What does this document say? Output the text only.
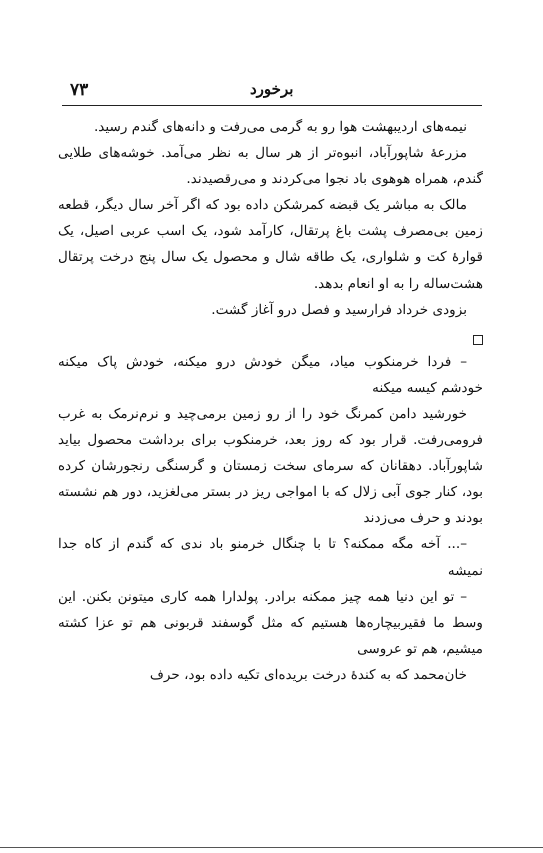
۷۳	برخورد

نیمه‌های اردیبهشت هوا رو به گرمی می‌رفت و دانه‌های گندم رسید.

مزرعهٔ شاپورآباد، انبوه‌تر از هر سال به نظر می‌آمد. خوشه‌های طلایی گندم، همراه هوهوی باد نجوا می‌کردند و می‌رقصیدند.

مالک به مباشر یک قبضه کمرشکن داده بود که اگر آخر سال دیگر، قطعه زمین بی‌مصرف پشت باغ پرتقال، کارآمد شود، یک اسب عربی اصیل، یک قوارهٔ کت و شلواری، یک طاقه شال و محصول یک سال پنج درخت پرتقال هشت‌ساله را به او انعام بدهد.

بزودی خرداد فرارسید و فصل درو آغاز گشت.

– فردا خرمنکوب میاد، میگن خودش درو میکنه، خودش پاک میکنه خودشم کیسه میکنه

خورشید دامن کمرنگ خود را از رو زمین برمی‌چید و نرم‌نرمک به غرب فرومی‌رفت. قرار بود که روز بعد، خرمنکوب برای برداشت محصول بیاید شاپورآباد. دهقانان که سرمای سخت زمستان و گرسنگی رنجورشان کرده بود، کنار جوی آبی زلال که با امواجی ریز در بستر می‌لغزید، دور هم نشسته بودند و حرف می‌زدند

–... آخه مگه ممکنه؟ تا با چنگال خرمنو باد ندی که گندم از کاه جدا نمیشه

– تو این دنیا همه چیز ممکنه برادر. پولدارا همه کاری میتونن بکنن. این وسط ما فقیربیچاره‌ها هستیم که مثل گوسفند قربونی هم تو عزا کشته میشیم، هم تو عروسی

خان‌محمد که به کندهٔ درخت بریده‌ای تکیه داده بود، حرف
